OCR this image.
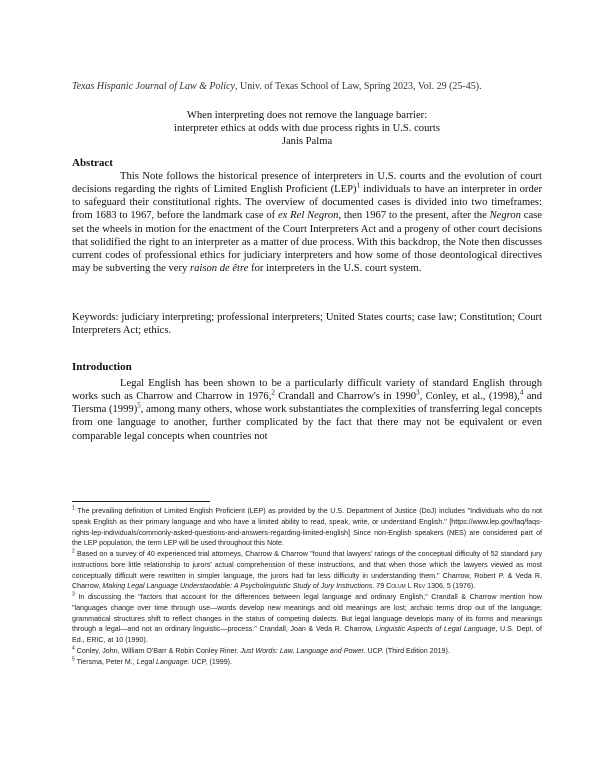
Texas Hispanic Journal of Law & Policy, Univ. of Texas School of Law, Spring 2023, Vol. 29 (25-45).
When interpreting does not remove the language barrier:
interpreter ethics at odds with due process rights in U.S. courts
Janis Palma
Abstract

This Note follows the historical presence of interpreters in U.S. courts and the evolution of court decisions regarding the rights of Limited English Proficient (LEP)$^1$ individuals to have an interpreter in order to safeguard their constitutional rights. The overview of documented cases is divided into two timeframes: from 1683 to 1967, before the landmark case of ex Rel Negron, then 1967 to the present, after the Negron case set the wheels in motion for the enactment of the Court Interpreters Act and a progeny of other court decisions that solidified the right to an interpreter as a matter of due process. With this backdrop, the Note then discusses current codes of professional ethics for judiciary interpreters and how some of those deontological directives may be subverting the very raison de être for interpreters in the U.S. court system.

Keywords: judiciary interpreting; professional interpreters; United States courts; case law; Constitution; Court Interpreters Act; ethics.
Introduction

Legal English has been shown to be a particularly difficult variety of standard English through works such as Charrow and Charrow in 1976,$^2$ Crandall and Charrow's in 1990$^3$, Conley, et al., (1998),$^4$ and Tiersma $(1999)^5$, among many others, whose work substantiates the complexities of transferring legal concepts from one language to another, further complicated by the fact that there may not be equivalent or even comparable legal concepts when countries not

$^1$ The prevailing definition of Limited English Proficient (LEP) as provided by the U.S. Department of Justice (DoJ) includes "Individuals who do not speak English as their primary language and who have a limited ability to read, speak, write, or understand English." [https://www.lep.gov/faq/faqs-rights-lep-individuals/commonly-asked-questions-and-answers-regarding-limited-english] Since non-English speakers (NES) are considered part of the LEP population, the term LEP will be used throughout this Note.
$^2$ Based on a survey of 40 experienced trial attorneys, Charrow & Charrow "found that lawyers' ratings of the conceptual difficulty of 52 standard jury instructions bore little relationship to jurors' actual comprehension of these instructions, and that when those which the lawyers viewed as most conceptually difficult were rewritten in simpler language, the jurors had far less difficulty in understanding them." Charrow, Robert P. & Veda R. Charrow, Making Legal Language Understandable: A Psycholinguistic Study of Jury Instructions. 79 Colum L Rev 1306, 5 (1976).
$^3$ In discussing the "factors that account for the differences between legal language and ordinary English," Crandall & Charrow mention how "languages change over time through use—words develop new meanings and old meanings are lost; archaic terms drop out of the language; grammatical structures shift to reflect changes in the status of competing dialects. But legal language develops many of its forms and meanings through a legal—and not an ordinary linguistic—process." Crandall, Joan & Veda R. Charrow, Linguistic Aspects of Legal Language, U.S. Dept. of Ed., ERIC, at 10 (1990).
$^4$ Conley, John, William O'Barr & Robin Conley Riner. Just Words: Law, Language and Power. UCP. (Third Edition 2019).
$^5$ Tiersma, Peter M., Legal Language. UCP, (1999).
